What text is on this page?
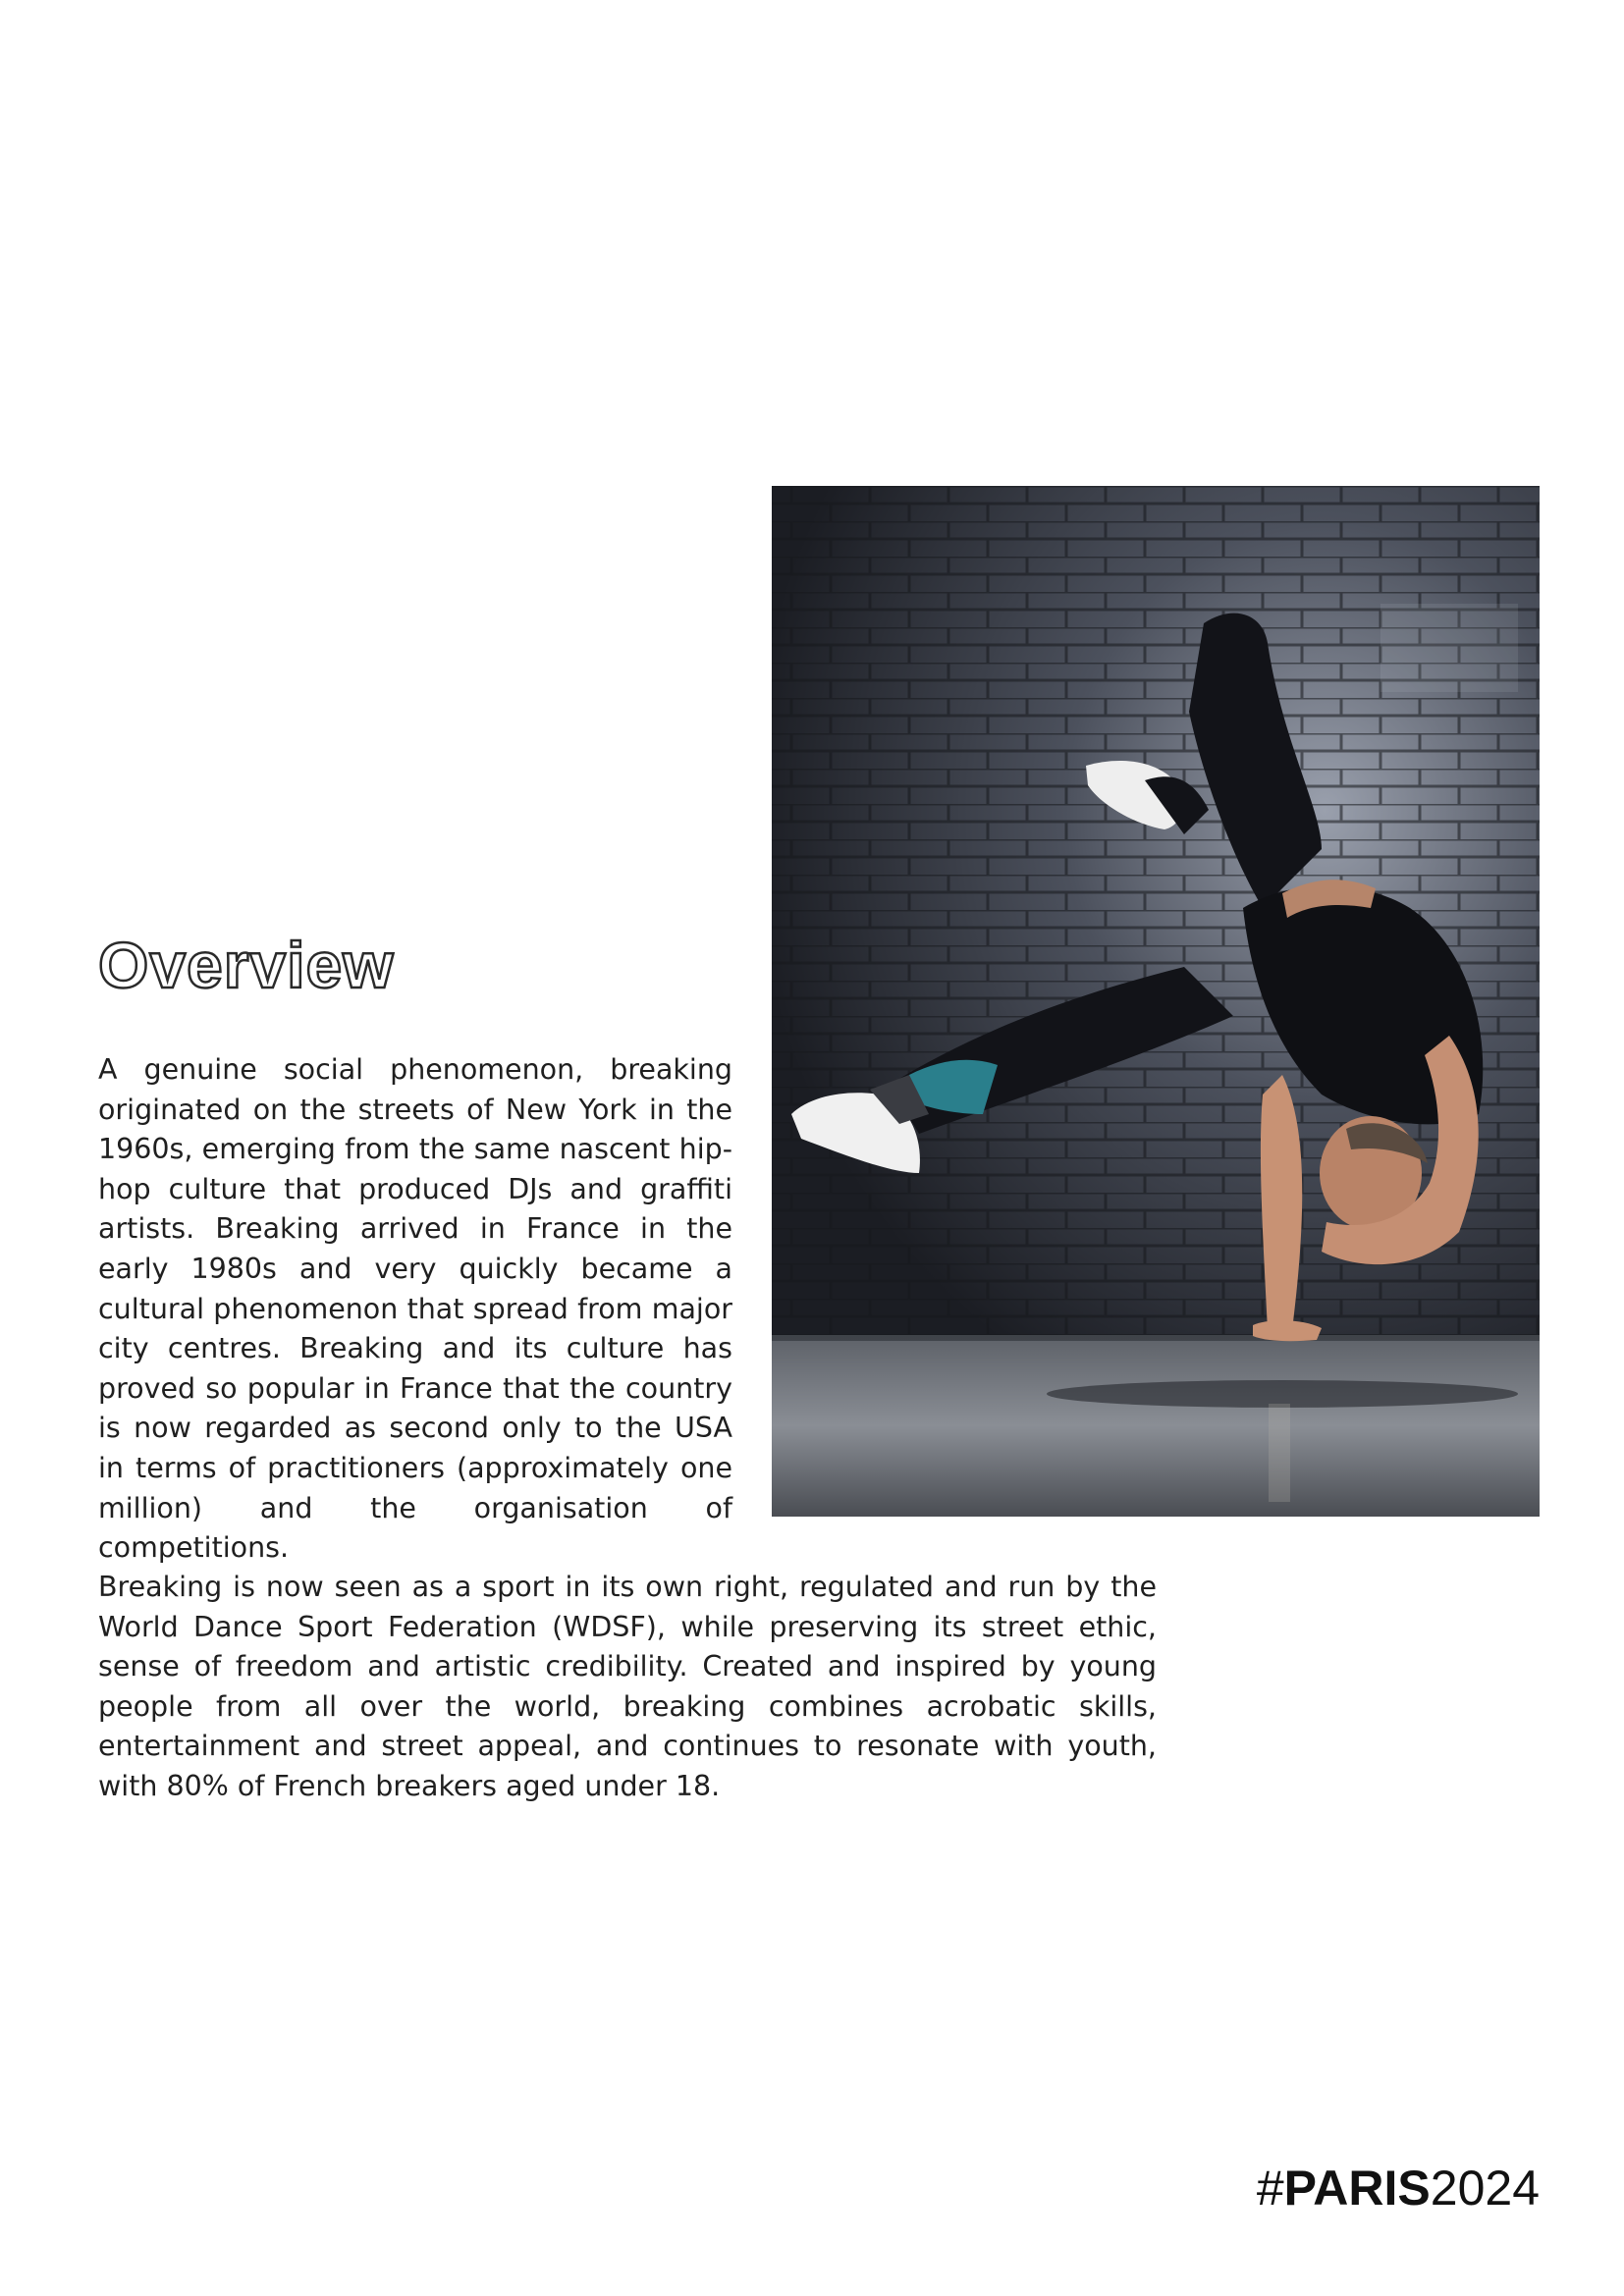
Overview

A genuine social phenomenon, breaking originated on the streets of New York in the 1960s, emerging from the same nascent hip-hop culture that produced DJs and graffiti artists. Breaking arrived in France in the early 1980s and very quickly became a cultural phenomenon that spread from major city centres. Breaking and its culture has proved so popular in France that the country is now regarded as second only to the USA in terms of practitioners (approximately one million) and the organisation of competitions.

Breaking is now seen as a sport in its own right, regulated and run by the World Dance Sport Federation (WDSF), while preserving its street ethic, sense of freedom and artistic credibility. Created and inspired by young people from all over the world, breaking combines acrobatic skills, entertainment and street appeal, and continues to resonate with youth, with 80% of French breakers aged under 18.

#PARIS2024
